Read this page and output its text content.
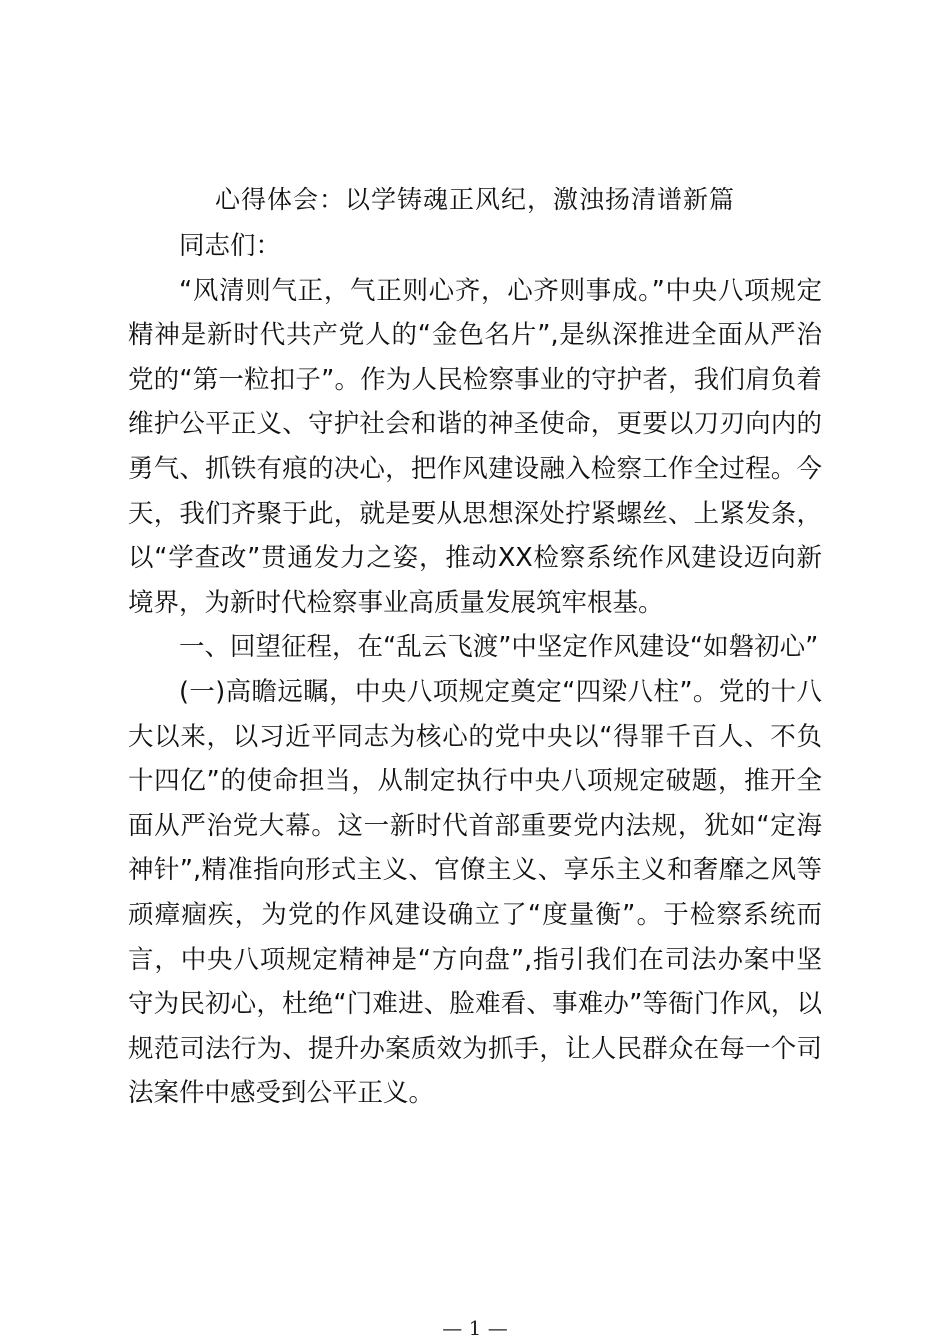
心得体会：以学铸魂正风纪，激浊扬清谱新篇

同志们：

“风清则气正，气正则心齐，心齐则事成。”中央八项规定精神是新时代共产党人的“金色名片”,是纵深推进全面从严治党的“第一粒扣子”。作为人民检察事业的守护者，我们肩负着维护公平正义、守护社会和谐的神圣使命，更要以刀刃向内的勇气、抓铁有痕的决心，把作风建设融入检察工作全过程。今天，我们齐聚于此，就是要从思想深处拧紧螺丝、上紧发条，以“学查改”贯通发力之姿，推动XX检察系统作风建设迈向新境界，为新时代检察事业高质量发展筑牢根基。

一、回望征程，在“乱云飞渡”中坚定作风建设“如磐初心”

(一)高瞻远瞩，中央八项规定奠定“四梁八柱”。党的十八大以来，以习近平同志为核心的党中央以“得罪千百人、不负十四亿”的使命担当，从制定执行中央八项规定破题，推开全面从严治党大幕。这一新时代首部重要党内法规，犹如“定海神针”,精准指向形式主义、官僚主义、享乐主义和奢靡之风等顽瘴痼疾，为党的作风建设确立了“度量衡”。于检察系统而言，中央八项规定精神是“方向盘”,指引我们在司法办案中坚守为民初心，杜绝“门难进、脸难看、事难办”等衙门作风，以规范司法行为、提升办案质效为抓手，让人民群众在每一个司法案件中感受到公平正义。

— 1 —
